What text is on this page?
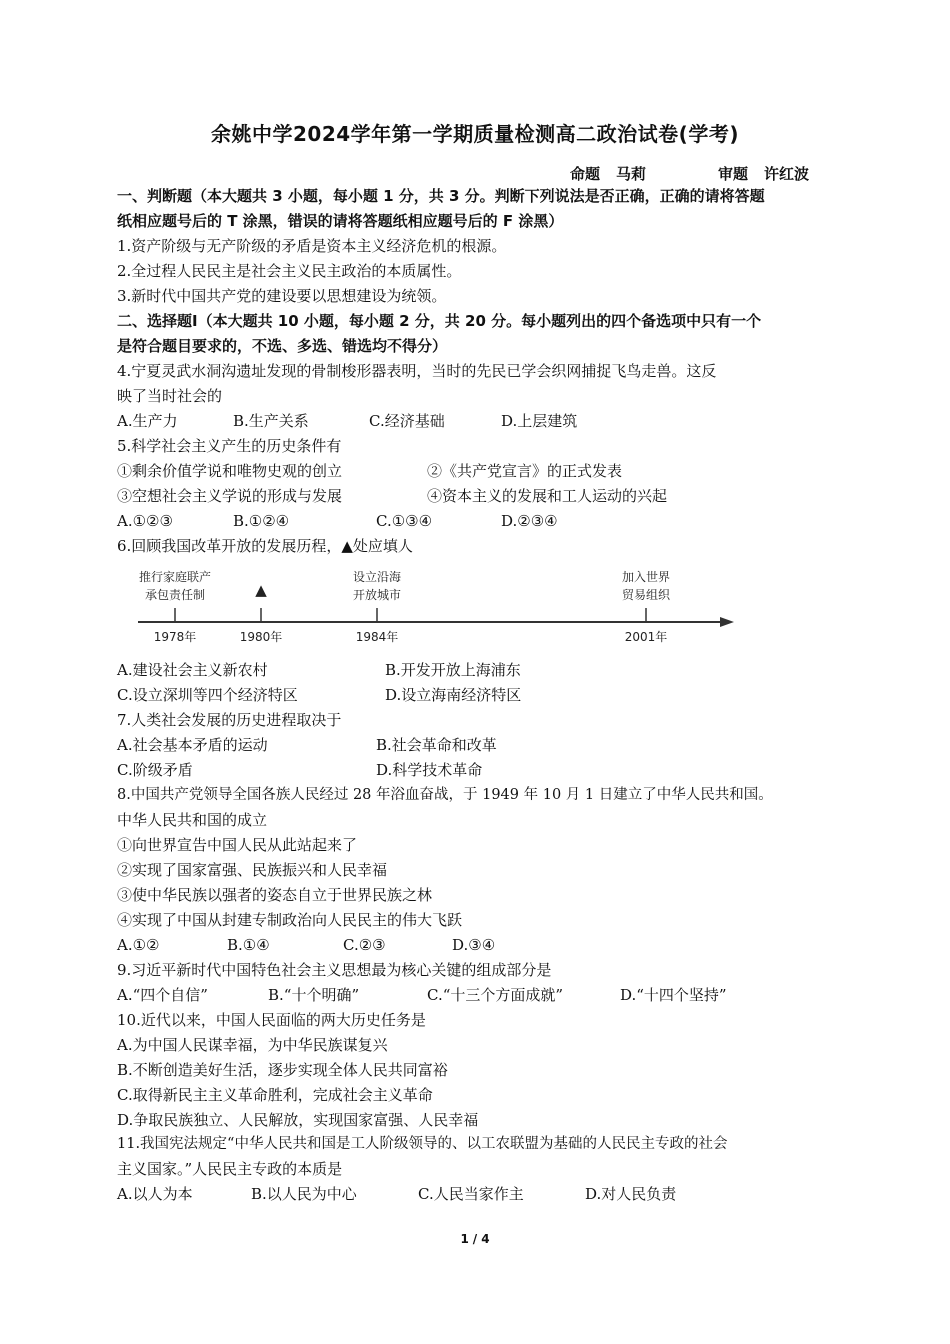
余姚中学2024学年第一学期质量检测高二政治试卷(学考)
命题 马莉	审题 许红波
一、判断题（本大题共 3 小题，每小题 1 分，共 3 分。判断下列说法是否正确，正确的请将答题
纸相应题号后的 T 涂黑，错误的请将答题纸相应题号后的 F 涂黑）
1.资产阶级与无产阶级的矛盾是资本主义经济危机的根源。
2.全过程人民民主是社会主义民主政治的本质属性。
3.新时代中国共产党的建设要以思想建设为统领。
二、选择题Ⅰ（本大题共 10 小题，每小题 2 分，共 20 分。每小题列出的四个备选项中只有一个
是符合题目要求的，不选、多选、错选均不得分）
4.宁夏灵武水洞沟遗址发现的骨制梭形器表明，当时的先民已学会织网捕捉飞鸟走兽。这反
映了当时社会的
A.生产力	B.生产关系	C.经济基础	D.上层建筑
5.科学社会主义产生的历史条件有
①剩余价值学说和唯物史观的创立	②《共产党宣言》的正式发表
③空想社会主义学说的形成与发展	④资本主义的发展和工人运动的兴起
A.①②③	B.①②④	C.①③④	D.②③④
6.回顾我国改革开放的发展历程，▲处应填人
推行家庭联产
承包责任制	▲
设立沿海
开放城市
加入世界
贸易组织
1978年	1980年	1984年	2001年
A.建设社会主义新农村	B.开发开放上海浦东
C.设立深圳等四个经济特区	D.设立海南经济特区
7.人类社会发展的历史进程取决于
A.社会基本矛盾的运动	B.社会革命和改革
C.阶级矛盾	D.科学技术革命
8.中国共产党领导全国各族人民经过 28 年浴血奋战，于 1949 年 10 月 1 日建立了中华人民共和国。
中华人民共和国的成立
①向世界宣告中国人民从此站起来了
②实现了国家富强、民族振兴和人民幸福
③使中华民族以强者的姿态自立于世界民族之林
④实现了中国从封建专制政治向人民民主的伟大飞跃
A.①②	B.①④	C.②③	D.③④
9.习近平新时代中国特色社会主义思想最为核心关键的组成部分是
A.“四个自信”	B.“十个明确”	C.“十三个方面成就”	D.“十四个坚持”
10.近代以来，中国人民面临的两大历史任务是
A.为中国人民谋幸福，为中华民族谋复兴
B.不断创造美好生活，逐步实现全体人民共同富裕
C.取得新民主主义革命胜利，完成社会主义革命
D.争取民族独立、人民解放，实现国家富强、人民幸福
11.我国宪法规定“中华人民共和国是工人阶级领导的、以工农联盟为基础的人民民主专政的社会
主义国家。”人民民主专政的本质是
A.以人为本	B.以人民为中心	C.人民当家作主	D.对人民负责
1 / 4
